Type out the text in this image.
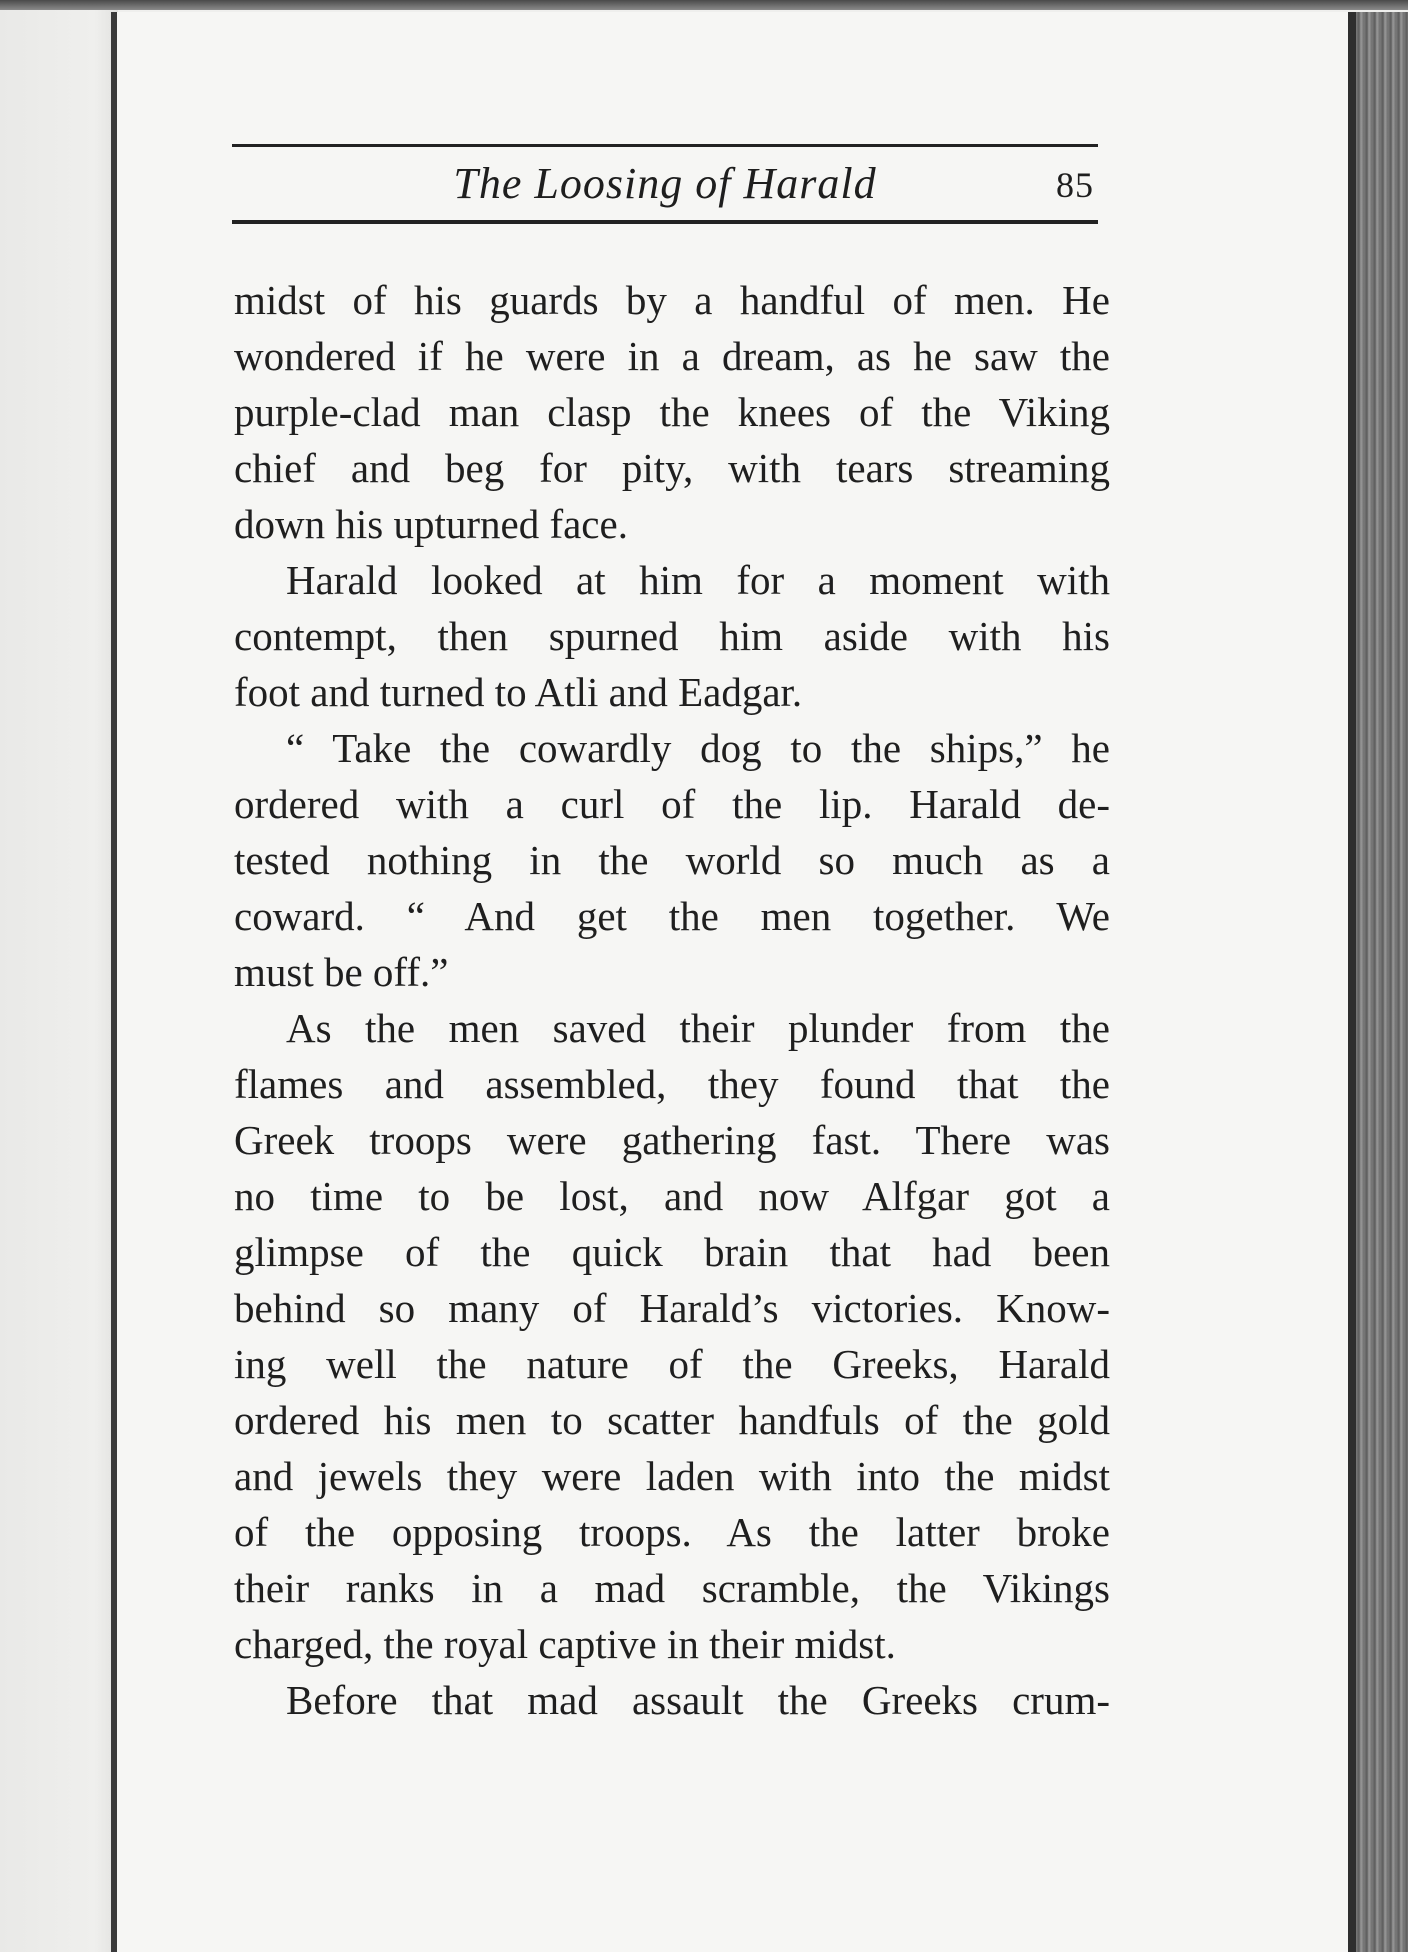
The Loosing of Harald	85
midst of his guards by a handful of men. He
wondered if he were in a dream, as he saw the
purple-clad man clasp the knees of the Viking
chief and beg for pity, with tears streaming
down his upturned face.
Harald looked at him for a moment with
contempt, then spurned him aside with his
foot and turned to Atli and Eadgar.
“ Take the cowardly dog to the ships,” he
ordered with a curl of the lip. Harald de-
tested nothing in the world so much as a
coward. “ And get the men together. We
must be off.”
As the men saved their plunder from the
flames and assembled, they found that the
Greek troops were gathering fast. There was
no time to be lost, and now Alfgar got a
glimpse of the quick brain that had been
behind so many of Harald’s victories. Know-
ing well the nature of the Greeks, Harald
ordered his men to scatter handfuls of the gold
and jewels they were laden with into the midst
of the opposing troops. As the latter broke
their ranks in a mad scramble, the Vikings
charged, the royal captive in their midst.
Before that mad assault the Greeks crum-
